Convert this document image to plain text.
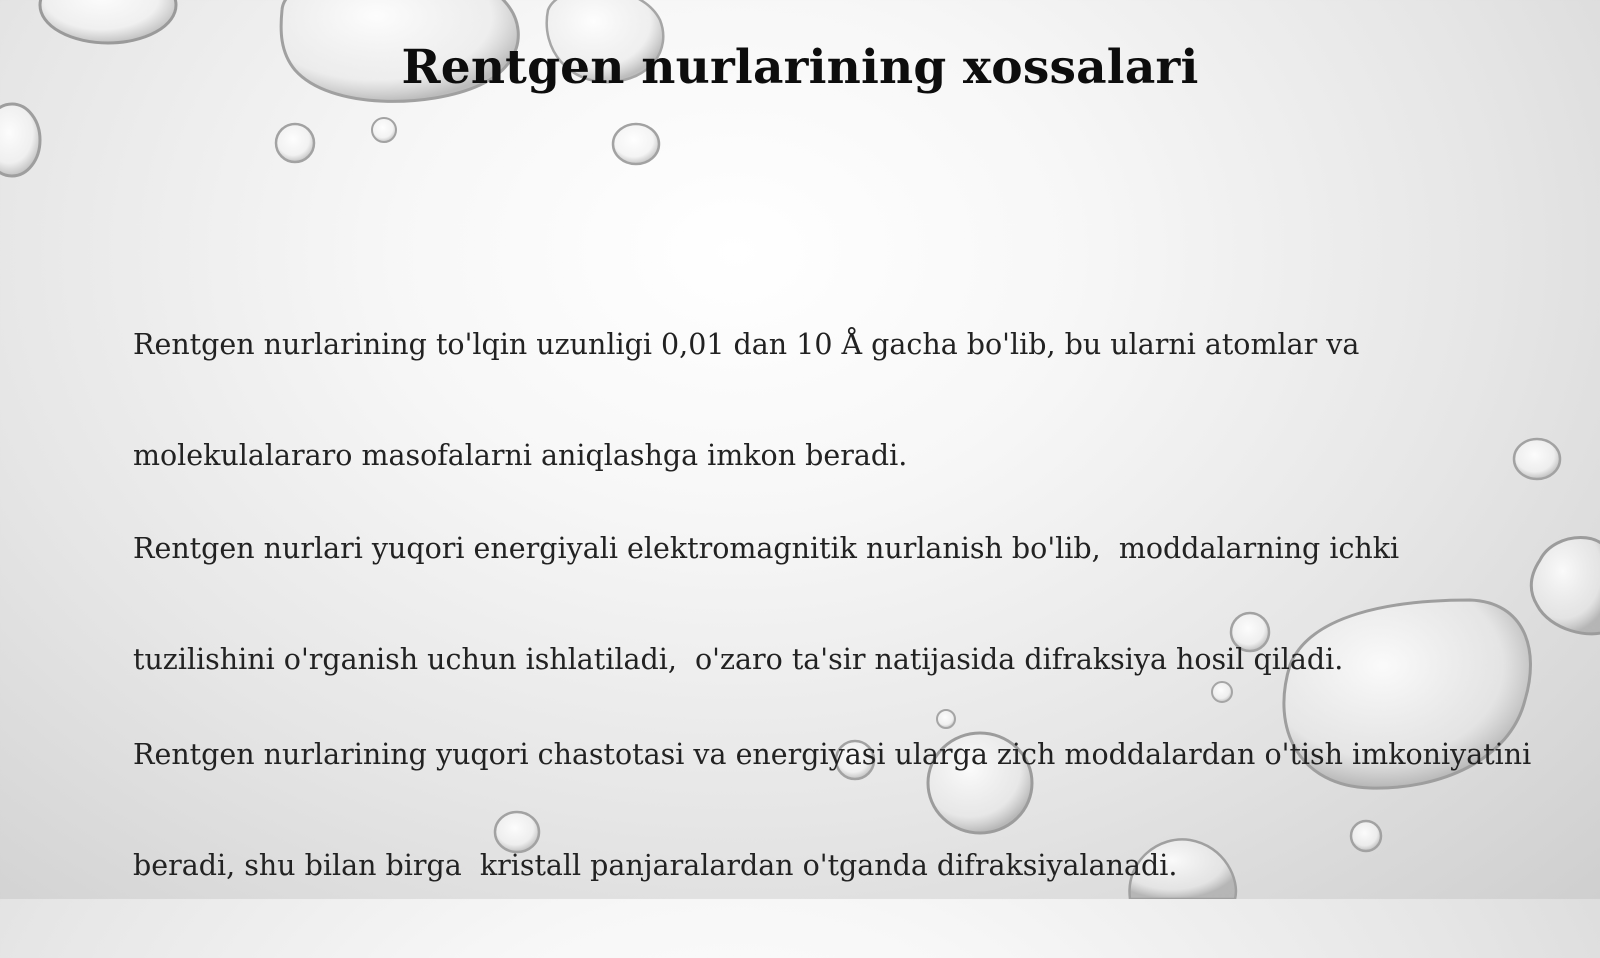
Rentgen nurlarining xossalari

Rentgen nurlarining to'lqin uzunligi 0,01 dan 10 Å gacha bo'lib, bu ularni atomlar va

molekulalararo masofalarni aniqlashga imkon beradi.

Rentgen nurlari yuqori energiyali elektromagnitik nurlanish bo'lib,  moddalarning ichki

tuzilishini o'rganish uchun ishlatiladi,  o'zaro ta'sir natijasida difraksiya hosil qiladi.

Rentgen nurlarining yuqori chastotasi va energiyasi ularga zich moddalardan o'tish imkoniyatini

beradi, shu bilan birga  kristall panjaralardan o'tganda difraksiyalanadi.
